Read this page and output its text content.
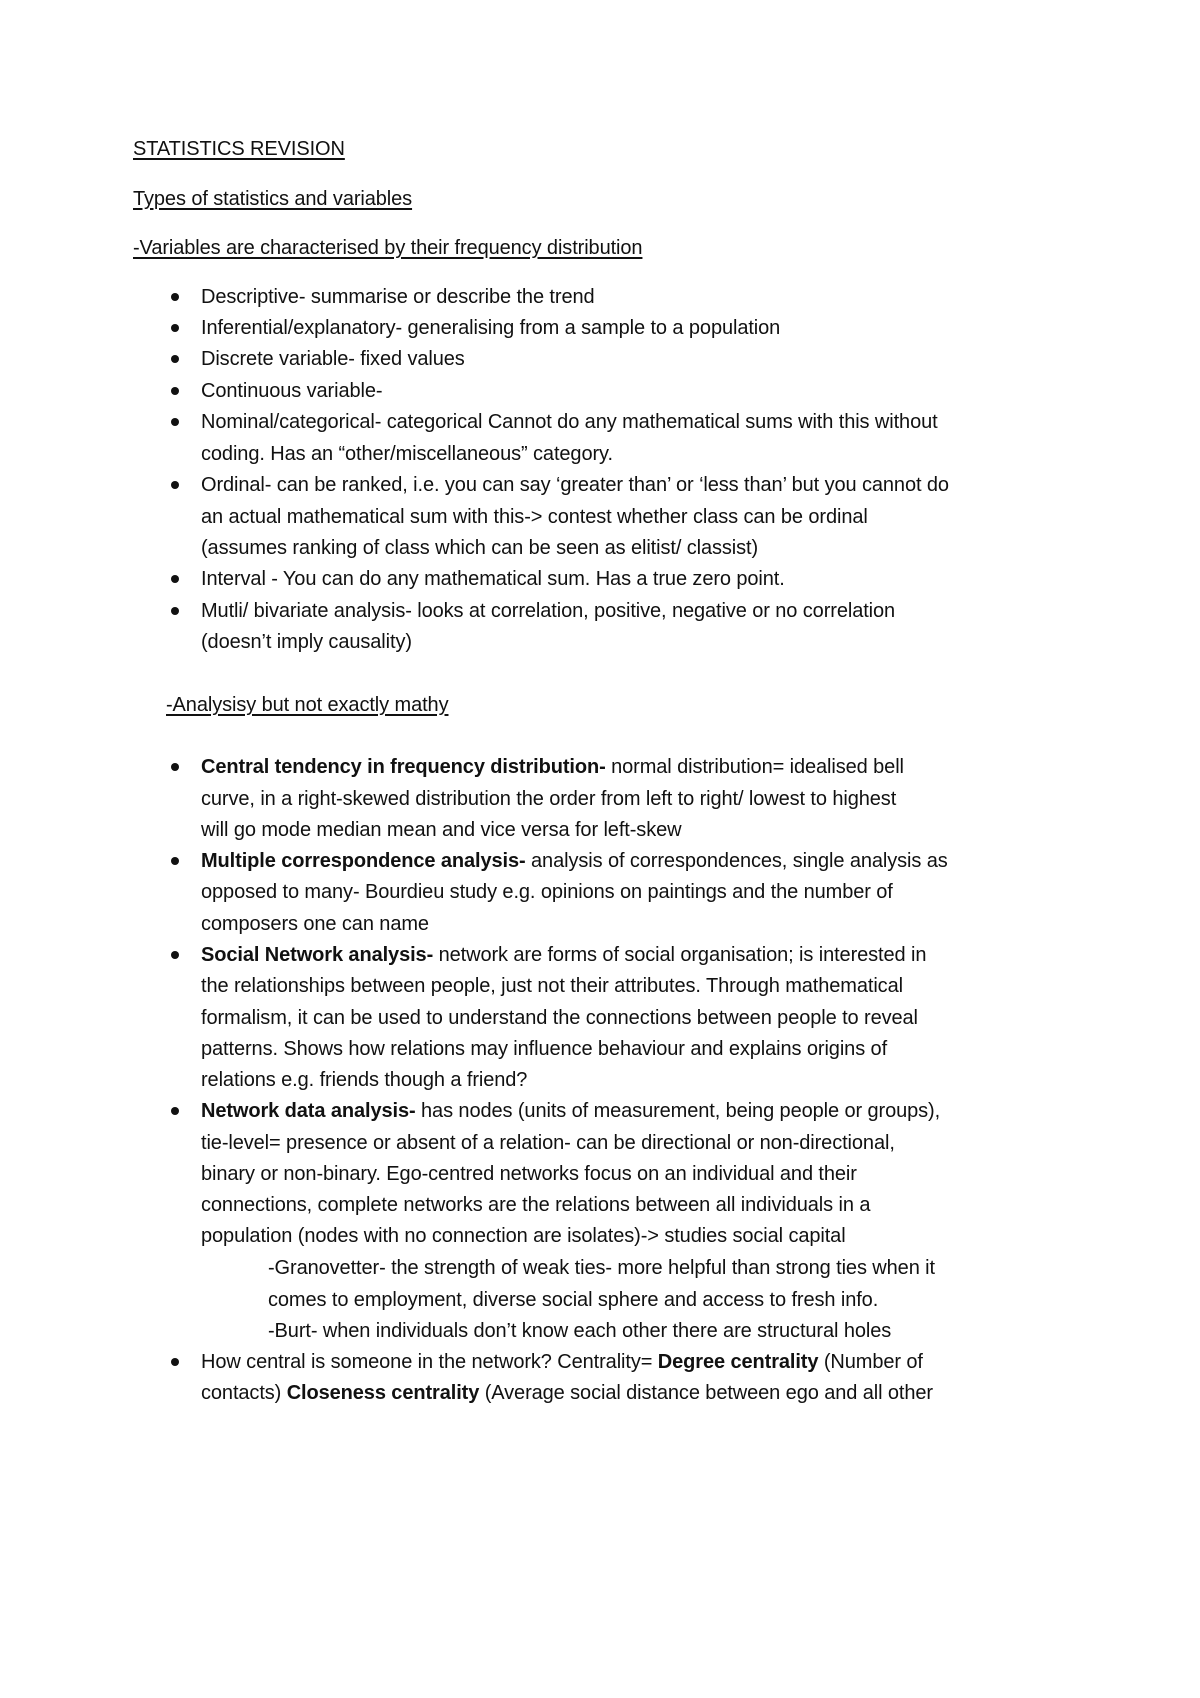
STATISTICS REVISION
Types of statistics and variables
-Variables are characterised by their frequency distribution
Descriptive- summarise or describe the trend
Inferential/explanatory- generalising from a sample to a population
Discrete variable- fixed values
Continuous variable-
Nominal/categorical- categorical Cannot do any mathematical sums with this without
coding. Has an “other/miscellaneous” category.
Ordinal- can be ranked, i.e. you can say ‘greater than’ or ‘less than’ but you cannot do
an actual mathematical sum with this-> contest whether class can be ordinal
(assumes ranking of class which can be seen as elitist/ classist)
Interval - You can do any mathematical sum. Has a true zero point.
Mutli/ bivariate analysis- looks at correlation, positive, negative or no correlation
(doesn’t imply causality)
-Analysisy but not exactly mathy
Central tendency in frequency distribution- normal distribution= idealised bell
curve, in a right-skewed distribution the order from left to right/ lowest to highest
will go mode median mean and vice versa for left-skew
Multiple correspondence analysis- analysis of correspondences, single analysis as
opposed to many- Bourdieu study e.g. opinions on paintings and the number of
composers one can name
Social Network analysis- network are forms of social organisation; is interested in
the relationships between people, just not their attributes. Through mathematical
formalism, it can be used to understand the connections between people to reveal
patterns. Shows how relations may influence behaviour and explains origins of
relations e.g. friends though a friend?
Network data analysis- has nodes (units of measurement, being people or groups),
tie-level= presence or absent of a relation- can be directional or non-directional,
binary or non-binary. Ego-centred networks focus on an individual and their
connections, complete networks are the relations between all individuals in a
population (nodes with no connection are isolates)-> studies social capital
-Granovetter- the strength of weak ties- more helpful than strong ties when it
comes to employment, diverse social sphere and access to fresh info.
-Burt- when individuals don’t know each other there are structural holes
How central is someone in the network? Centrality= Degree centrality (Number of
contacts) Closeness centrality (Average social distance between ego and all other
